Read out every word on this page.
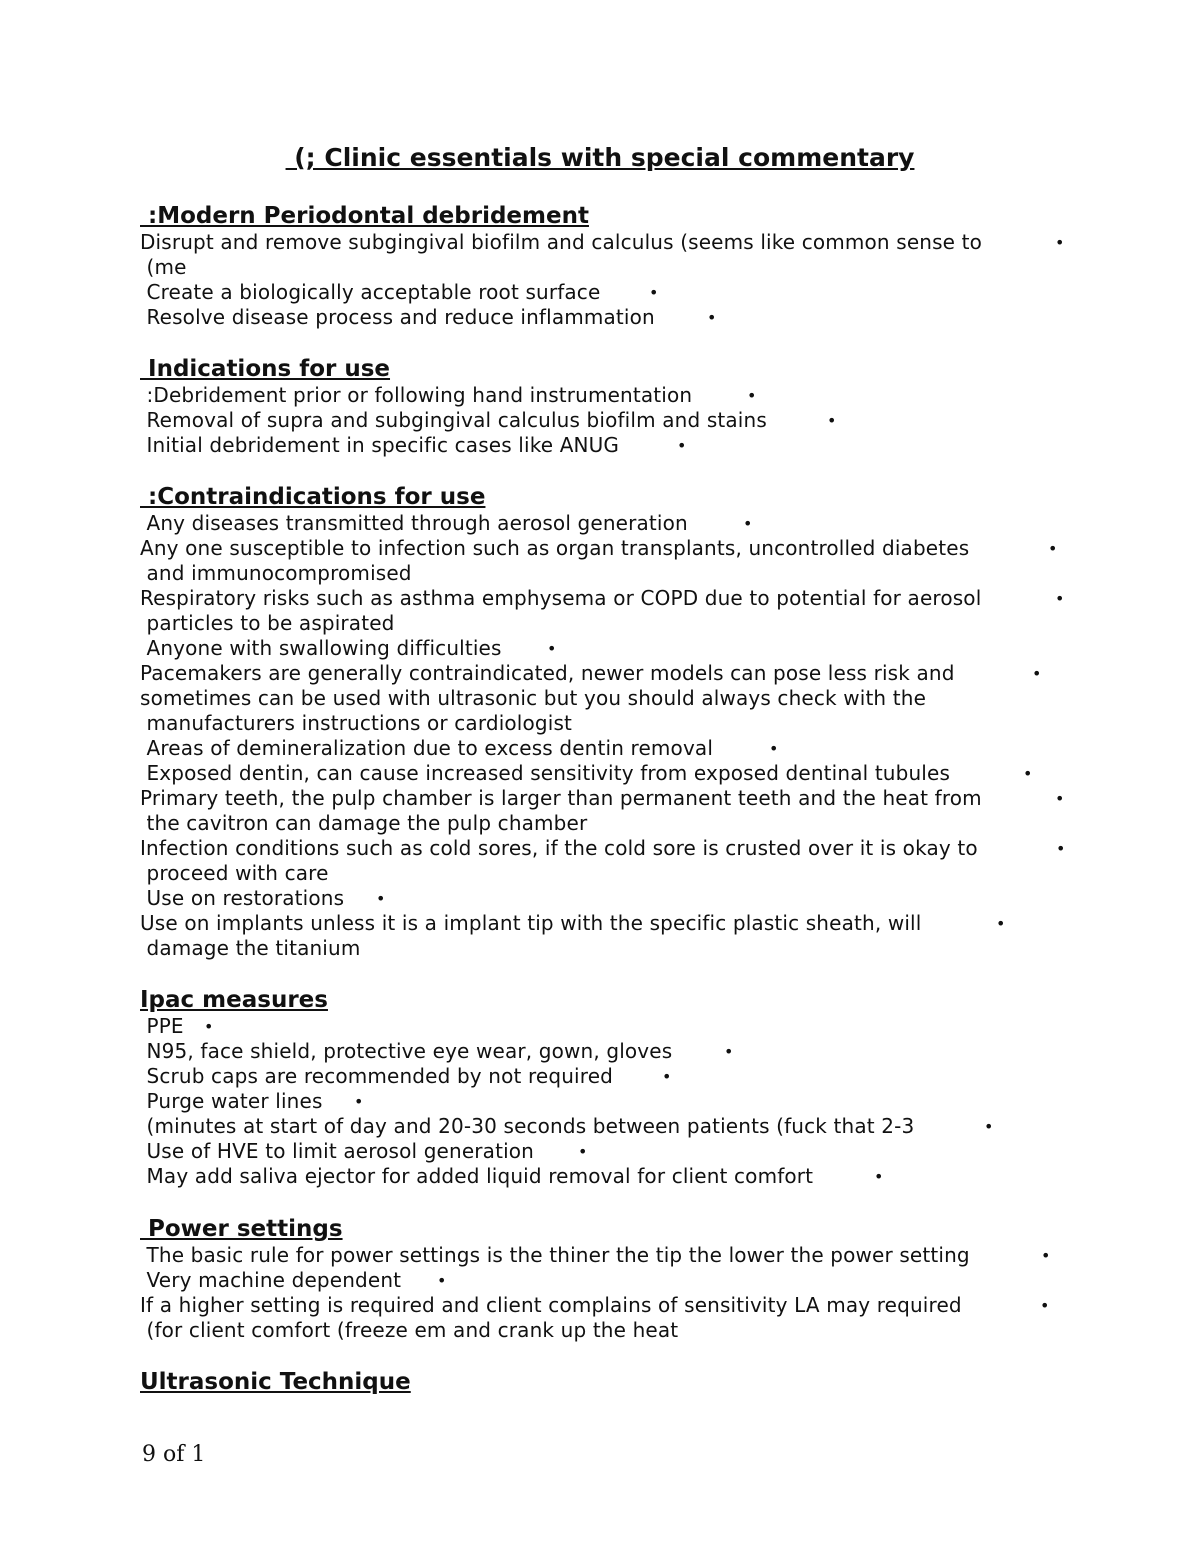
(; Clinic essentials with special commentary
:Modern Periodontal debridement
Disrupt and remove subgingival biofilm and calculus (seems like common sense to	•
(me
Create a biologically acceptable root surface	•
Resolve disease process and reduce inflammation	•
Indications for use
:Debridement prior or following hand instrumentation	•
Removal of supra and subgingival calculus biofilm and stains	•
Initial debridement in specific cases like ANUG	•
:Contraindications for use
Any diseases transmitted through aerosol generation	•
Any one susceptible to infection such as organ transplants, uncontrolled diabetes	•
and immunocompromised
Respiratory risks such as asthma emphysema or COPD due to potential for aerosol	•
particles to be aspirated
Anyone with swallowing difficulties	•
Pacemakers are generally contraindicated, newer models can pose less risk and	•
sometimes can be used with ultrasonic but you should always check with the
manufacturers instructions or cardiologist
Areas of demineralization due to excess dentin removal	•
Exposed dentin, can cause increased sensitivity from exposed dentinal tubules	•
Primary teeth, the pulp chamber is larger than permanent teeth and the heat from	•
the cavitron can damage the pulp chamber
Infection conditions such as cold sores, if the cold sore is crusted over it is okay to	•
proceed with care
Use on restorations •
Use on implants unless it is a implant tip with the specific plastic sheath, will	•
damage the titanium
Ipac measures
PPE •
N95, face shield, protective eye wear, gown, gloves	•
Scrub caps are recommended by not required	•
Purge water lines •
(minutes at start of day and 20-30 seconds between patients (fuck that 2-3	•
Use of HVE to limit aerosol generation	•
May add saliva ejector for added liquid removal for client comfort	•
Power settings
The basic rule for power settings is the thiner the tip the lower the power setting	•
Very machine dependent •
If a higher setting is required and client complains of sensitivity LA may required	•
(for client comfort (freeze em and crank up the heat
Ultrasonic Technique
9 of 1
